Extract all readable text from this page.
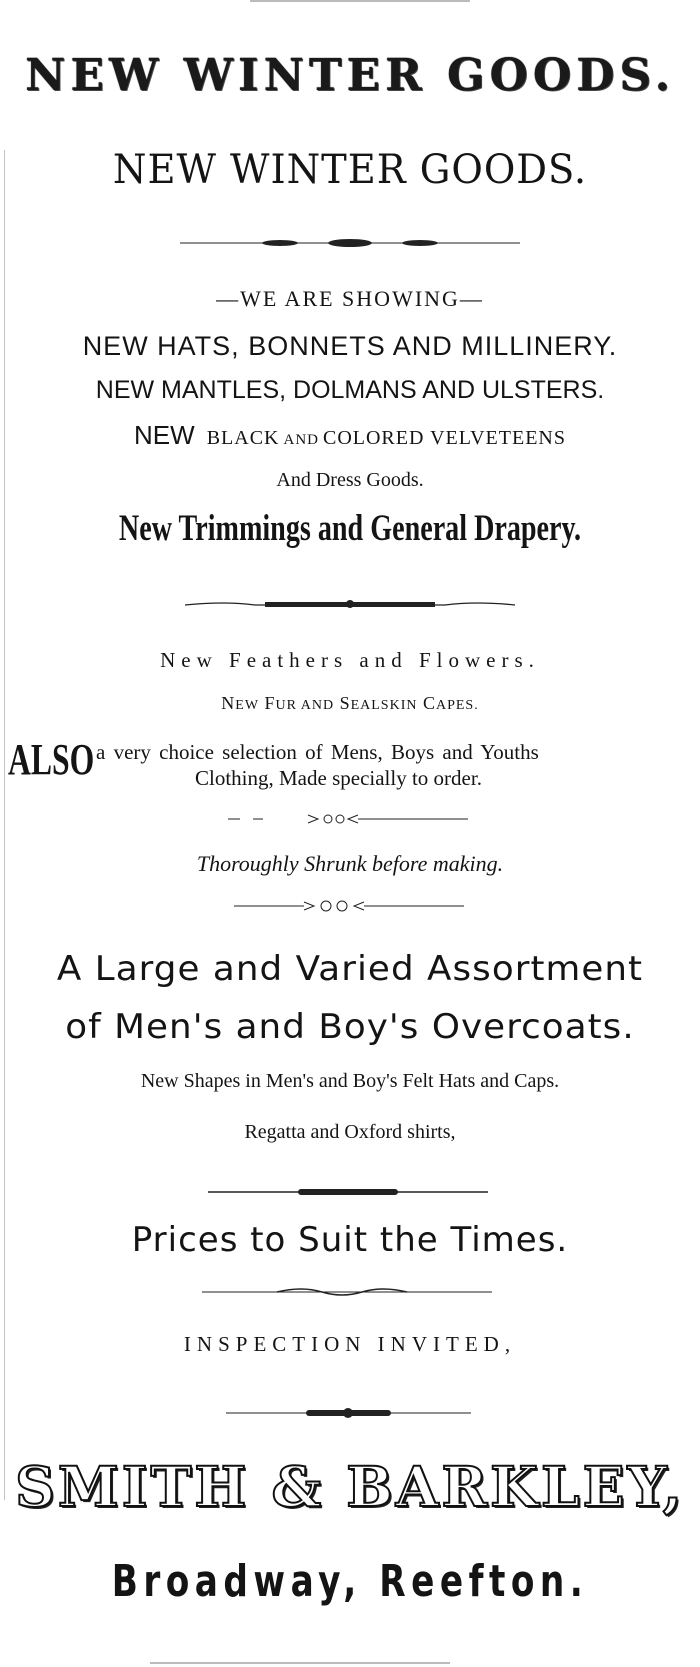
NEW WINTER GOODS.
NEW WINTER GOODS.
—WE ARE SHOWING—
NEW HATS, BONNETS AND MILLINERY.
NEW MANTLES, DOLMANS AND ULSTERS.
NEW BLACK AND COLORED VELVETEENS
And Dress Goods.
New Trimmings and General Drapery.
New Feathers and Flowers.
NEW FUR AND SEALSKIN CAPES.
ALSO a very choice selection of Mens, Boys and Youths
Clothing, Made specially to order.
Thoroughly Shrunk before making.
A Large and Varied Assortment
of Men's and Boy's Overcoats.
New Shapes in Men's and Boy's Felt Hats and Caps.
Regatta and Oxford shirts,
Prices to Suit the Times.
INSPECTION INVITED,
SMITH & BARKLEY,
Broadway, Reefton.
